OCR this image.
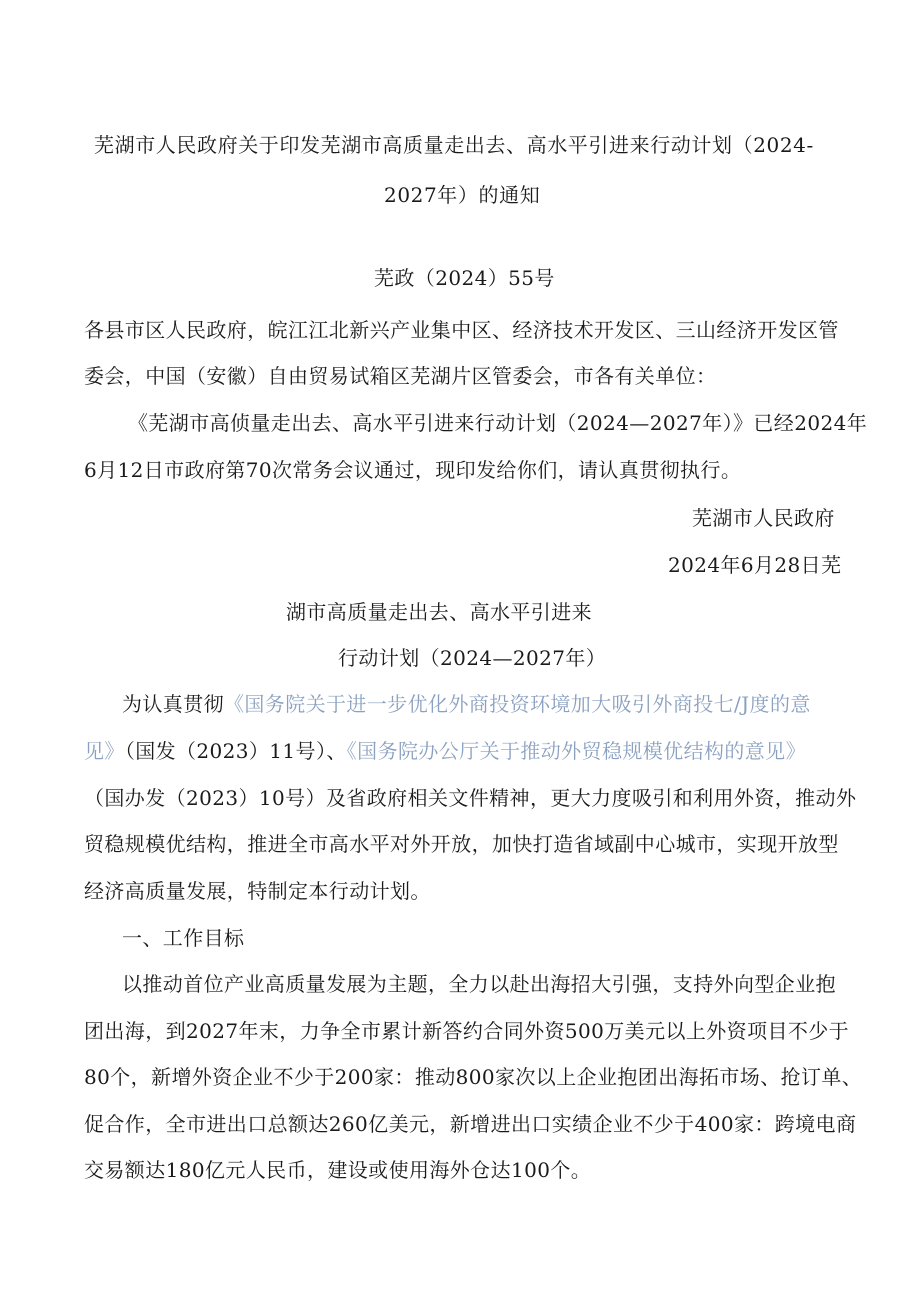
芜湖市人民政府关于印发芜湖市高质量走出去、高水平引进来行动计划（2024-
2027年）的通知
芜政（2024）55号
各县市区人民政府，皖江江北新兴产业集中区、经济技术开发区、三山经济开发区管
委会，中国（安徽）自由贸易试箱区芜湖片区管委会，市各有关单位：
《芜湖市高侦量走出去、高水平引进来行动计划（2024—2027年）》已经2024年
6月12日市政府第70次常务会议通过，现印发给你们，请认真贯彻执行。
芜湖市人民政府
2024年6月28日芜
湖市高质量走出去、高水平引进来
行动计划（2024—2027年）
为认真贯彻《国务院关于进一步优化外商投资环境加大吸引外商投七/J度的意
见》（国发（2023）11号）、《国务院办公厅关于推动外贸稳规模优结构的意见》
（国办发（2023）10号）及省政府相关文件精神，更大力度吸引和利用外资，推动外
贸稳规模优结构，推进全市高水平对外开放，加快打造省域副中心城市，实现开放型
经济高质量发展，特制定本行动计划。
一、工作目标
以推动首位产业高质量发展为主题，全力以赴出海招大引强，支持外向型企业抱
团出海，到2027年末，力争全市累计新答约合同外资500万美元以上外资项目不少于
80个，新增外资企业不少于200家：推动800家次以上企业抱团出海拓市场、抢订单、
促合作，全市进出口总额达260亿美元，新增进出口实绩企业不少于400家：跨境电商
交易额达180亿元人民币，建设或使用海外仓达100个。
